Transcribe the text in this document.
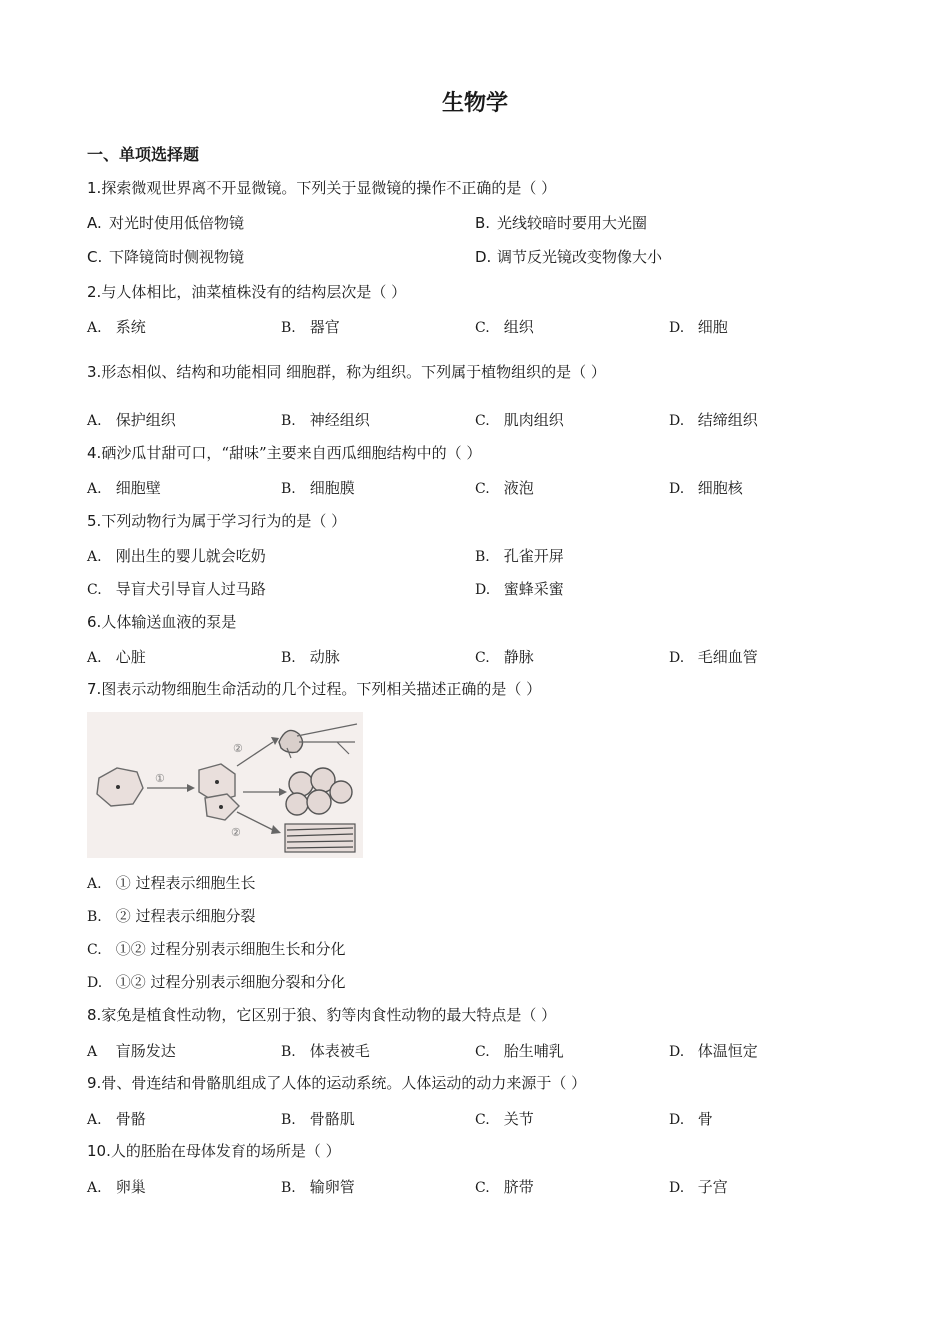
生物学
一、单项选择题
1.探索微观世界离不开显微镜。下列关于显微镜的操作不正确的是（ ）
A. 对光时使用低倍物镜	B. 光线较暗时要用大光圈
C. 下降镜筒时侧视物镜	D. 调节反光镜改变物像大小
2.与人体相比，油菜植株没有的结构层次是（ ）
A. 系统	B. 器官	C. 组织	D. 细胞
3.形态相似、结构和功能相同 细胞群，称为组织。下列属于植物组织的是（ ）
A. 保护组织	B. 神经组织	C. 肌肉组织	D. 结缔组织
4.硒沙瓜甘甜可口，“甜味”主要来自西瓜细胞结构中的（ ）
A. 细胞壁	B. 细胞膜	C. 液泡	D. 细胞核
5.下列动物行为属于学习行为的是（ ）
A. 刚出生的婴儿就会吃奶	B. 孔雀开屏
C. 导盲犬引导盲人过马路	D. 蜜蜂采蜜
6.人体输送血液的泵是
A. 心脏	B. 动脉	C. 静脉	D. 毛细血管
7.图表示动物细胞生命活动的几个过程。下列相关描述正确的是（ ）
①
②
②
A. ① 过程表示细胞生长
B. ② 过程表示细胞分裂
C. ①② 过程分别表示细胞生长和分化
D. ①② 过程分别表示细胞分裂和分化
8.家兔是植食性动物，它区别于狼、豹等肉食性动物的最大特点是（ ）
A 盲肠发达	B. 体表被毛	C. 胎生哺乳	D. 体温恒定
9.骨、骨连结和骨骼肌组成了人体的运动系统。人体运动的动力来源于（ ）
A. 骨骼	B. 骨骼肌	C. 关节	D. 骨
10.人的胚胎在母体发育的场所是（ ）
A. 卵巢	B. 输卵管	C. 脐带	D. 子宫
